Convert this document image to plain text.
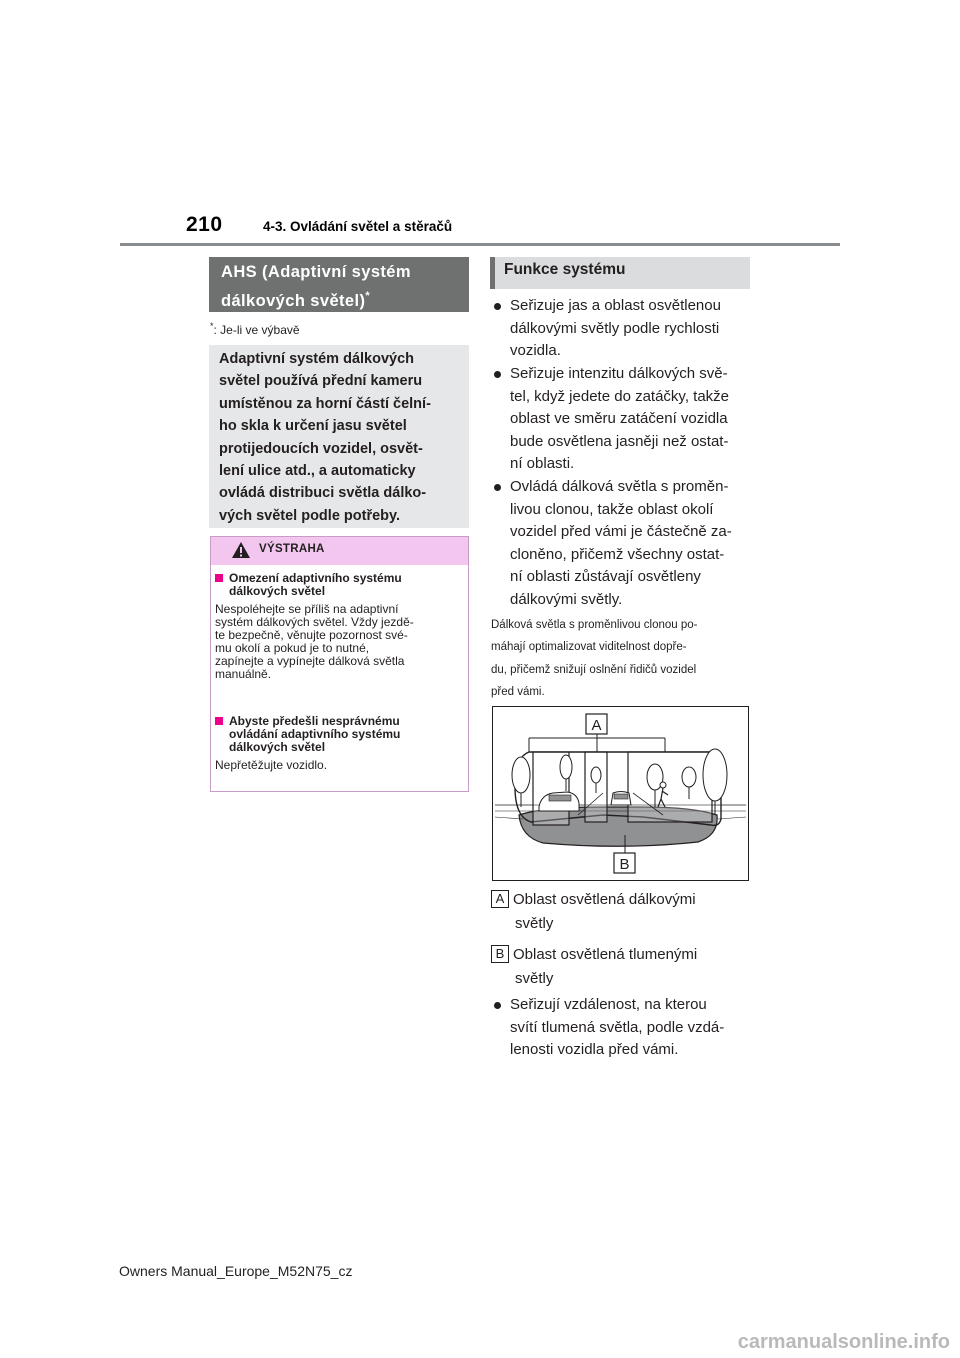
210	4-3. Ovládání světel a stěračů
AHS (Adaptivní systém dálkových světel)*
*: Je-li ve výbavě
Adaptivní systém dálkových
světel používá přední kameru
umístěnou za horní částí čelní-
ho skla k určení jasu světel
protijedoucích vozidel, osvět-
lení ulice atd., a automaticky
ovládá distribuci světla dálko-
vých světel podle potřeby.
VÝSTRAHA
Omezení adaptivního systému
dálkových světel
Nespoléhejte se příliš na adaptivní
systém dálkových světel. Vždy jezdě-
te bezpečně, věnujte pozornost své-
mu okolí a pokud je to nutné,
zapínejte a vypínejte dálková světla
manuálně.
Abyste předešli nesprávnému
ovládání adaptivního systému
dálkových světel
Nepřetěžujte vozidlo.
Funkce systému
Seřizuje jas a oblast osvětlenou
dálkovými světly podle rychlosti
vozidla.
Seřizuje intenzitu dálkových svě-
tel, když jedete do zatáčky, takže
oblast ve směru zatáčení vozidla
bude osvětlena jasněji než ostat-
ní oblasti.
Ovládá dálková světla s proměn-
livou clonou, takže oblast okolí
vozidel před vámi je částečně za-
cloněno, přičemž všechny ostat-
ní oblasti zůstávají osvětleny
dálkovými světly.
Dálková světla s proměnlivou clonou po-
máhají optimalizovat viditelnost dopře-
du, přičemž snižují oslnění řidičů vozidel
před vámi.
A
B
A Oblast osvětlená dálkovými
světly
B Oblast osvětlená tlumenými
světly
Seřizují vzdálenost, na kterou
svítí tlumená světla, podle vzdá-
lenosti vozidla před vámi.
Owners Manual_Europe_M52N75_cz
carmanualsonline.info
